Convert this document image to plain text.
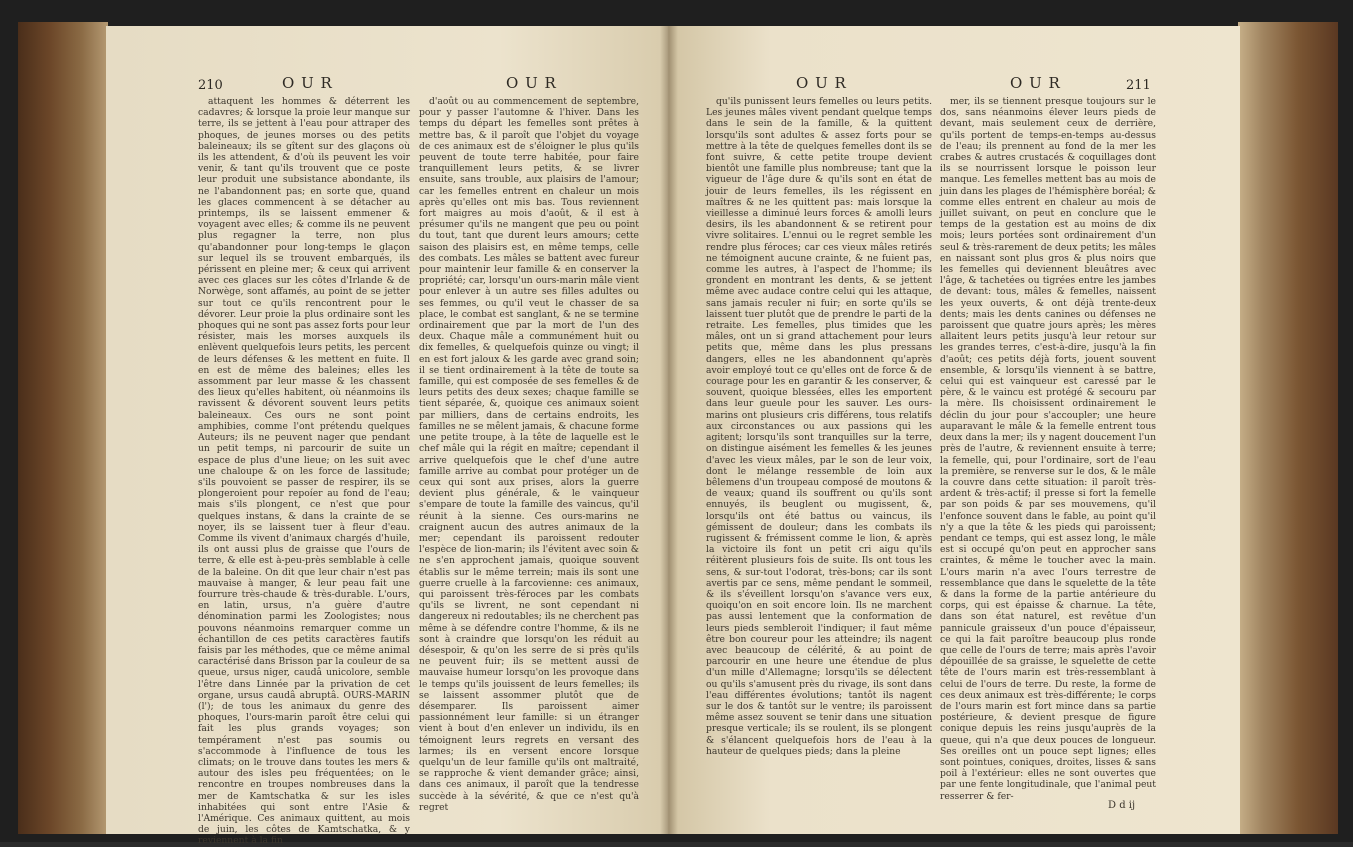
210	O U R	O U R

attaquent les hommes & déterrent les cadavres; & lorsque la proie leur manque sur terre, ils se jettent à l'eau pour attraper des phoques, de jeunes morses ou des petits baleineaux; ils se gîtent sur des glaçons où ils les attendent, & d'où ils peuvent les voir venir, & tant qu'ils trouvent que ce poste leur produit une subsistance abondante, ils ne l'abandonnent pas; en sorte que, quand les glaces commencent à se détacher au printemps, ils se laissent emmener & voyagent avec elles; & comme ils ne peuvent plus regagner la terre, non plus qu'abandonner pour long-temps le glaçon sur lequel ils se trouvent embarqués, ils périssent en pleine mer; & ceux qui arrivent avec ces glaces sur les côtes d'Irlande & de Norwège, sont affamés, au point de se jetter sur tout ce qu'ils rencontrent pour le dévorer. Leur proie la plus ordinaire sont les phoques qui ne sont pas assez forts pour leur résister, mais les morses auxquels ils enlèvent quelquefois leurs petits, les percent de leurs défenses & les mettent en fuite. Il en est de même des baleines; elles les assomment par leur masse & les chassent des lieux qu'elles habitent, où néanmoins ils ravissent & dévorent souvent leurs petits baleineaux. Ces ours ne sont point amphibies, comme l'ont prétendu quelques Auteurs; ils ne peuvent nager que pendant un petit temps, ni parcourir de suite un espace de plus d'une lieue; on les suit avec une chaloupe & on les force de lassitude; s'ils pouvoient se passer de respirer, ils se plongeroient pour repoíer au fond de l'eau; mais s'ils plongent, ce n'est que pour quelques instans, & dans la crainte de se noyer, ils se laissent tuer à fleur d'eau. Comme ils vivent d'animaux chargés d'huile, ils ont aussi plus de graisse que l'ours de terre, & elle est à-peu-près semblable à celle de la baleine. On dit que leur chair n'est pas mauvaise à manger, & leur peau fait une fourrure très-chaude & très-durable. L'ours, en latin, ursus, n'a guère d'autre dénomination parmi les Zoologistes; nous pouvons néanmoins remarquer comme un échantillon de ces petits caractères fautifs faisis par les méthodes, que ce même animal caractérisé dans Brisson par la couleur de sa queue, ursus niger, caudâ unicolore, semble l'être dans Linnée par la privation de cet organe, ursus caudâ abruptâ. OURS-MARIN (l'); de tous les animaux du genre des phoques, l'ours-marin paroît être celui qui fait les plus grands voyages; son tempérament n'est pas soumis ou s'accommode à l'influence de tous les climats; on le trouve dans toutes les mers & autour des isles peu fréquentées; on le rencontre en troupes nombreuses dans la mer de Kamtschatka & sur les isles inhabitées qui sont entre l'Asie & l'Amérique. Ces animaux quittent, au mois de juin, les côtes de Kamtschatka, & y reviennent à la fin

d'août ou au commencement de septembre, pour y passer l'automne & l'hiver. Dans les temps du départ les femelles sont prêtes à mettre bas, & il paroît que l'objet du voyage de ces animaux est de s'éloigner le plus qu'ils peuvent de toute terre habitée, pour faire tranquillement leurs petits, & se livrer ensuite, sans trouble, aux plaisirs de l'amour; car les femelles entrent en chaleur un mois après qu'elles ont mis bas. Tous reviennent fort maigres au mois d'août, & il est à présumer qu'ils ne mangent que peu ou point du tout, tant que durent leurs amours; cette saison des plaisirs est, en même temps, celle des combats. Les mâles se battent avec fureur pour maintenir leur famille & en conserver la propriété; car, lorsqu'un ours-marin mâle vient pour enlever à un autre ses filles adultes ou ses femmes, ou qu'il veut le chasser de sa place, le combat est sanglant, & ne se termine ordinairement que par la mort de l'un des deux. Chaque mâle a communément huit ou dix femelles, & quelquefois quinze ou vingt; il en est fort jaloux & les garde avec grand soin; il se tient ordinairement à la tête de toute sa famille, qui est composée de ses femelles & de leurs petits des deux sexes; chaque famille se tient séparée, &, quoique ces animaux soient par milliers, dans de certains endroits, les familles ne se mêlent jamais, & chacune forme une petite troupe, à la tête de laquelle est le chef mâle qui la régit en maître; cependant il arrive quelquefois que le chef d'une autre famille arrive au combat pour protéger un de ceux qui sont aux prises, alors la guerre devient plus générale, & le vainqueur s'empare de toute la famille des vaincus, qu'il réunit à la sienne. Ces ours-marins ne craignent aucun des autres animaux de la mer; cependant ils paroissent redouter l'espèce de lion-marin; ils l'évitent avec soin & ne s'en approchent jamais, quoique souvent établis sur le même terrein; mais ils sont une guerre cruelle à la farcovienne: ces animaux, qui paroissent très-féroces par les combats qu'ils se livrent, ne sont cependant ni dangereux ni redoutables; ils ne cherchent pas même à se défendre contre l'homme, & ils ne sont à craindre que lorsqu'on les réduit au désespoir, & qu'on les serre de si près qu'ils ne peuvent fuir; ils se mettent aussi de mauvaise humeur lorsqu'on les provoque dans le temps qu'ils jouissent de leurs femelles; ils se laissent assommer plutôt que de désemparer. Ils paroissent aimer passionnément leur famille: si un étranger vient à bout d'en enlever un individu, ils en témoignent leurs regrets en versant des larmes; ils en versent encore lorsque quelqu'un de leur famille qu'ils ont maltraité, se rapproche & vient demander grâce; ainsi, dans ces animaux, il paroît que la tendresse succède à la sévérité, & que ce n'est qu'à regret

O U R	O U R	211

qu'ils punissent leurs femelles ou leurs petits. Les jeunes mâles vivent pendant quelque temps dans le sein de la famille, & la quittent lorsqu'ils sont adultes & assez forts pour se mettre à la tête de quelques femelles dont ils se font suivre, & cette petite troupe devient bientôt une famille plus nombreuse; tant que la vigueur de l'âge dure & qu'ils sont en état de jouir de leurs femelles, ils les régissent en maîtres & ne les quittent pas: mais lorsque la vieillesse a diminué leurs forces & amolli leurs desirs, ils les abandonnent & se retirent pour vivre solitaires. L'ennui ou le regret semble les rendre plus féroces; car ces vieux mâles retirés ne témoignent aucune crainte, & ne fuient pas, comme les autres, à l'aspect de l'homme; ils grondent en montrant les dents, & se jettent même avec audace contre celui qui les attaque, sans jamais reculer ni fuir; en sorte qu'ils se laissent tuer plutôt que de prendre le parti de la retraite. Les femelles, plus timides que les mâles, ont un si grand attachement pour leurs petits que, même dans les plus pressans dangers, elles ne les abandonnent qu'après avoir employé tout ce qu'elles ont de force & de courage pour les en garantir & les conserver, & souvent, quoique blessées, elles les emportent dans leur gueule pour les sauver. Les ours-marins ont plusieurs cris différens, tous relatifs aux circonstances ou aux passions qui les agitent; lorsqu'ils sont tranquilles sur la terre, on distingue aisément les femelles & les jeunes d'avec les vieux mâles, par le son de leur voix, dont le mélange ressemble de loin aux bêlemens d'un troupeau composé de moutons & de veaux; quand ils souffrent ou qu'ils sont ennuyés, ils beuglent ou mugissent, &, lorsqu'ils ont été battus ou vaincus, ils gémissent de douleur; dans les combats ils rugissent & frémissent comme le lion, & après la victoire ils font un petit cri aigu qu'ils réitèrent plusieurs fois de suite. Ils ont tous les sens, & sur-tout l'odorat, très-bons; car ils sont avertis par ce sens, même pendant le sommeil, & ils s'éveillent lorsqu'on s'avance vers eux, quoiqu'on en soit encore loin. Ils ne marchent pas aussi lentement que la conformation de leurs pieds sembleroit l'indiquer; il faut même être bon coureur pour les atteindre; ils nagent avec beaucoup de célérité, & au point de parcourir en une heure une étendue de plus d'un mille d'Allemagne; lorsqu'ils se délectent ou qu'ils s'amusent près du rivage, ils sont dans l'eau différentes évolutions; tantôt ils nagent sur le dos & tantôt sur le ventre; ils paroissent même assez souvent se tenir dans une situation presque verticale; ils se roulent, ils se plongent & s'élancent quelquefois hors de l'eau à la hauteur de quelques pieds; dans la pleine

mer, ils se tiennent presque toujours sur le dos, sans néanmoins élever leurs pieds de devant, mais seulement ceux de derrière, qu'ils portent de temps-en-temps au-dessus de l'eau; ils prennent au fond de la mer les crabes & autres crustacés & coquillages dont ils se nourrissent lorsque le poisson leur manque. Les femelles mettent bas au mois de juin dans les plages de l'hémisphère boréal; & comme elles entrent en chaleur au mois de juillet suivant, on peut en conclure que le temps de la gestation est au moins de dix mois; leurs portées sont ordinairement d'un seul & très-rarement de deux petits; les mâles en naissant sont plus gros & plus noirs que les femelles qui deviennent bleuâtres avec l'âge, & tachetées ou tigrées entre les jambes de devant: tous, mâles & femelles, naissent les yeux ouverts, & ont déjà trente-deux dents; mais les dents canines ou défenses ne paroissent que quatre jours après; les mères allaitent leurs petits jusqu'à leur retour sur les grandes terres, c'est-à-dire, jusqu'à la fin d'août; ces petits déjà forts, jouent souvent ensemble, & lorsqu'ils viennent à se battre, celui qui est vainqueur est caressé par le père, & le vaincu est protégé & secouru par la mère. Ils choisissent ordinairement le déclin du jour pour s'accoupler; une heure auparavant le mâle & la femelle entrent tous deux dans la mer; ils y nagent doucement l'un près de l'autre, & reviennent ensuite à terre; la femelle, qui, pour l'ordinaire, sort de l'eau la première, se renverse sur le dos, & le mâle la couvre dans cette situation: il paroît très-ardent & très-actif; il presse si fort la femelle par son poids & par ses mouvemens, qu'il l'enfonce souvent dans le fable, au point qu'il n'y a que la tête & les pieds qui paroissent; pendant ce temps, qui est assez long, le mâle est si occupé qu'on peut en approcher sans craintes, & même le toucher avec la main. L'ours marin n'a avec l'ours terrestre de ressemblance que dans le squelette de la tête & dans la forme de la partie antérieure du corps, qui est épaisse & charnue. La tête, dans son état naturel, est revêtue d'un pannicule graisseux d'un pouce d'épaisseur, ce qui la fait paroître beaucoup plus ronde que celle de l'ours de terre; mais après l'avoir dépouillée de sa graisse, le squelette de cette tête de l'ours marin est très-ressemblant à celui de l'ours de terre. Du reste, la forme de ces deux animaux est très-différente; le corps de l'ours marin est fort mince dans sa partie postérieure, & devient presque de figure conique depuis les reins jusqu'auprès de la queue, qui n'a que deux pouces de longueur. Ses oreilles ont un pouce sept lignes; elles sont pointues, coniques, droites, lisses & sans poil à l'extérieur: elles ne sont ouvertes que par une fente longitudinale, que l'animal peut resserrer & fer-

D d ij
